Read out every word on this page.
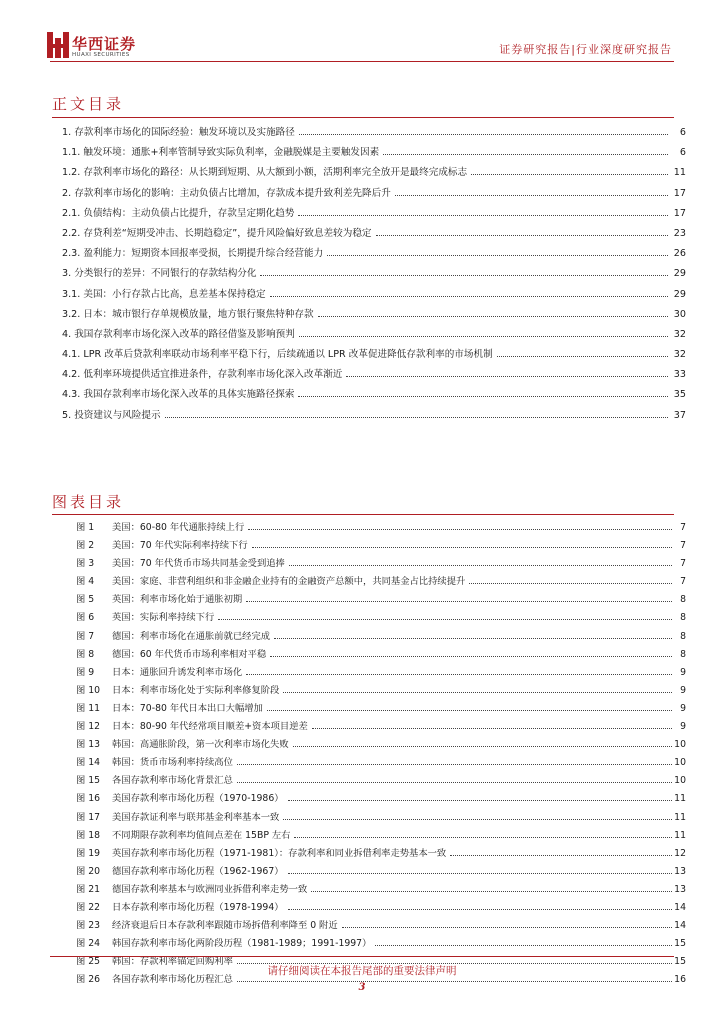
华西证券
HUAXI SECURITIES	证券研究报告|行业深度研究报告
正文目录
1. 存款利率市场化的国际经验：触发环境以及实施路径	6
1.1. 触发环境：通胀+利率管制导致实际负利率，金融脱媒是主要触发因素	6
1.2. 存款利率市场化的路径：从长期到短期、从大额到小额，活期利率完全放开是最终完成标志	11
2. 存款利率市场化的影响：主动负债占比增加，存款成本提升致利差先降后升	17
2.1. 负债结构：主动负债占比提升，存款呈定期化趋势	17
2.2. 存贷利差“短期受冲击、长期趋稳定”，提升风险偏好致息差较为稳定	23
2.3. 盈利能力：短期资本回报率受损，长期提升综合经营能力	26
3. 分类银行的差异：不同银行的存款结构分化	29
3.1. 美国：小行存款占比高，息差基本保持稳定	29
3.2. 日本：城市银行存单规模放量，地方银行聚焦特种存款	30
4. 我国存款利率市场化深入改革的路径借鉴及影响预判	32
4.1. LPR 改革后贷款利率联动市场利率平稳下行，后续疏通以 LPR 改革促进降低存款利率的市场机制	32
4.2. 低利率环境提供适宜推进条件，存款利率市场化深入改革渐近	33
4.3. 我国存款利率市场化深入改革的具体实施路径探索	35
5. 投资建议与风险提示	37
图表目录
图 1	美国：60-80 年代通胀持续上行	7
图 2	美国：70 年代实际利率持续下行	7
图 3	美国：70 年代货币市场共同基金受到追捧	7
图 4	美国：家庭、非营利组织和非金融企业持有的金融资产总额中，共同基金占比持续提升	7
图 5	英国：利率市场化始于通胀初期	8
图 6	英国：实际利率持续下行	8
图 7	德国：利率市场化在通胀前就已经完成	8
图 8	德国：60 年代货币市场利率相对平稳	8
图 9	日本：通胀回升诱发利率市场化	9
图 10	日本：利率市场化处于实际利率修复阶段	9
图 11	日本：70-80 年代日本出口大幅增加	9
图 12	日本：80-90 年代经常项目顺差+资本项目逆差	9
图 13	韩国：高通胀阶段，第一次利率市场化失败	10
图 14	韩国：货币市场利率持续高位	10
图 15	各国存款利率市场化背景汇总	10
图 16	美国存款利率市场化历程（1970-1986）	11
图 17	美国存款证利率与联邦基金利率基本一致	11
图 18	不同期限存款利率均值间点差在 15BP 左右	11
图 19	英国存款利率市场化历程（1971-1981）：存款利率和同业拆借利率走势基本一致	12
图 20	德国存款利率市场化历程（1962-1967）	13
图 21	德国存款利率基本与欧洲同业拆借利率走势一致	13
图 22	日本存款利率市场化历程（1978-1994）	14
图 23	经济衰退后日本存款利率跟随市场拆借利率降至 0 附近	14
图 24	韩国存款利率市场化两阶段历程（1981-1989；1991-1997）	15
图 25	韩国：存款利率锚定回购利率	15
图 26	各国存款利率市场化历程汇总	16
请仔细阅读在本报告尾部的重要法律声明
3
